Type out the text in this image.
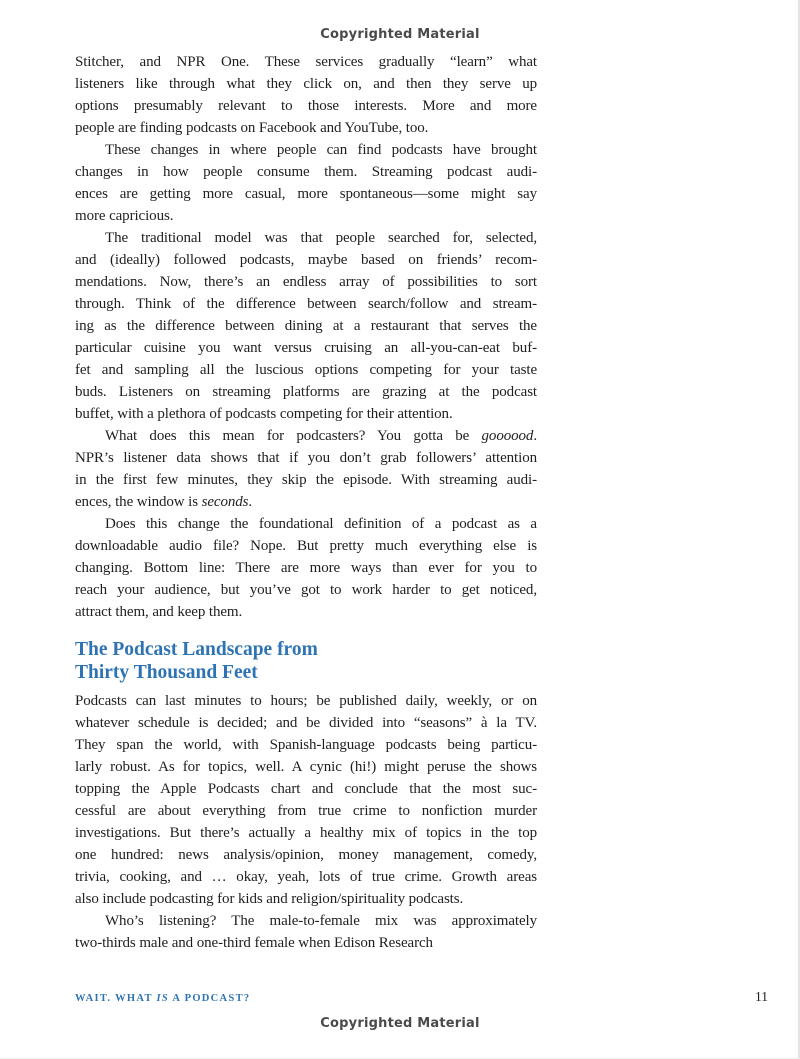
Copyrighted Material
Stitcher, and NPR One. These services gradually “learn” what
listeners like through what they click on, and then they serve up
options presumably relevant to those interests. More and more
people are finding podcasts on Facebook and YouTube, too.
These changes in where people can find podcasts have brought
changes in how people consume them. Streaming podcast audi-
ences are getting more casual, more spontaneous—some might say
more capricious.
The traditional model was that people searched for, selected,
and (ideally) followed podcasts, maybe based on friends’ recom-
mendations. Now, there’s an endless array of possibilities to sort
through. Think of the difference between search/follow and stream-
ing as the difference between dining at a restaurant that serves the
particular cuisine you want versus cruising an all-you-can-eat buf-
fet and sampling all the luscious options competing for your taste
buds. Listeners on streaming platforms are grazing at the podcast
buffet, with a plethora of podcasts competing for their attention.
What does this mean for podcasters? You gotta be goooood.
NPR’s listener data shows that if you don’t grab followers’ attention
in the first few minutes, they skip the episode. With streaming audi-
ences, the window is seconds.
Does this change the foundational definition of a podcast as a
downloadable audio file? Nope. But pretty much everything else is
changing. Bottom line: There are more ways than ever for you to
reach your audience, but you’ve got to work harder to get noticed,
attract them, and keep them.
The Podcast Landscape from
Thirty Thousand Feet
Podcasts can last minutes to hours; be published daily, weekly, or on
whatever schedule is decided; and be divided into “seasons” à la TV.
They span the world, with Spanish-language podcasts being particu-
larly robust. As for topics, well. A cynic (hi!) might peruse the shows
topping the Apple Podcasts chart and conclude that the most suc-
cessful are about everything from true crime to nonfiction murder
investigations. But there’s actually a healthy mix of topics in the top
one hundred: news analysis/opinion, money management, comedy,
trivia, cooking, and … okay, yeah, lots of true crime. Growth areas
also include podcasting for kids and religion/spirituality podcasts.
Who’s listening? The male-to-female mix was approximately
two-thirds male and one-third female when Edison Research
WAIT. WHAT IS A PODCAST?	11
Copyrighted Material
